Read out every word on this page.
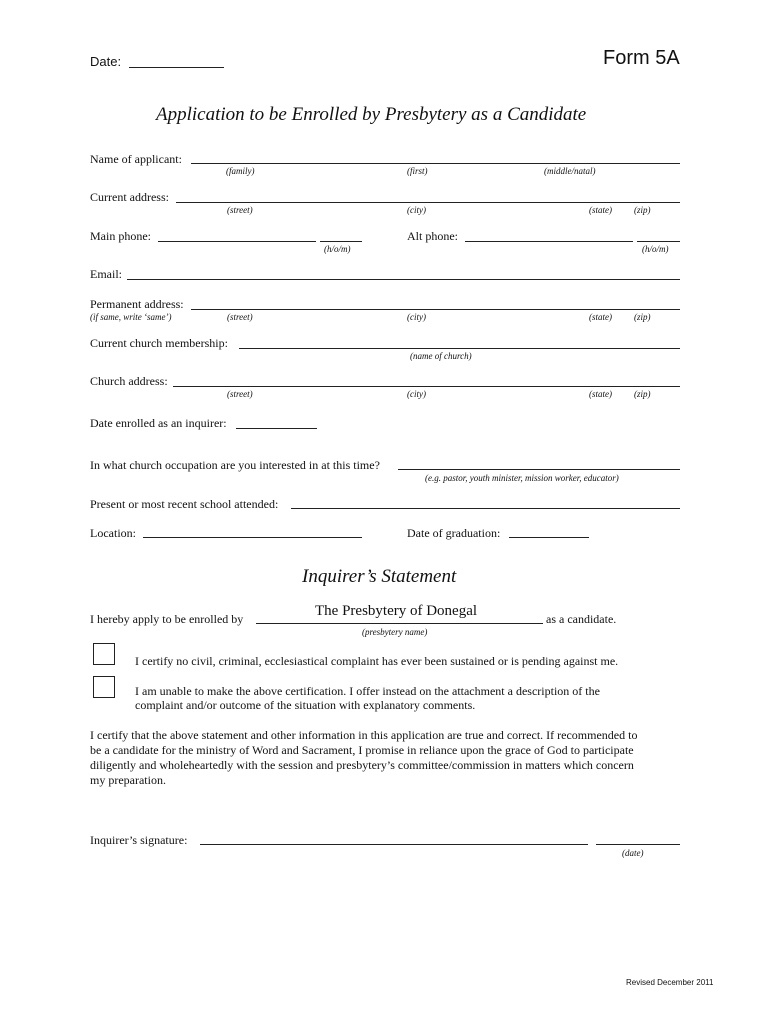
Date:	Form 5A
Application to be Enrolled by Presbytery as a Candidate
Name of applicant:
(family)	(first)	(middle/natal)
Current address:
(street)	(city)	(state) (zip)
Main phone:
(h/o/m)
Alt phone:
(h/o/m)
Email:
Permanent address:
(if same, write ‘same’)	(street)	(city)	(state) (zip)
Current church membership:
(name of church)
Church address:
(street)	(city)	(state) (zip)
Date enrolled as an inquirer:
In what church occupation are you interested in at this time?
(e.g. pastor, youth minister, mission worker, educator)
Present or most recent school attended:
Location:	Date of graduation:
Inquirer’s Statement
I hereby apply to be enrolled by	The Presbytery of Donegal	as a candidate.
(presbytery name)
I certify no civil, criminal, ecclesiastical complaint has ever been sustained or is pending against me.
I am unable to make the above certification. I offer instead on the attachment a description of the
complaint and/or outcome of the situation with explanatory comments.
I certify that the above statement and other information in this application are true and correct. If recommended to
be a candidate for the ministry of Word and Sacrament, I promise in reliance upon the grace of God to participate
diligently and wholeheartedly with the session and presbytery’s committee/commission in matters which concern
my preparation.
Inquirer’s signature:
(date)
Revised December 2011
